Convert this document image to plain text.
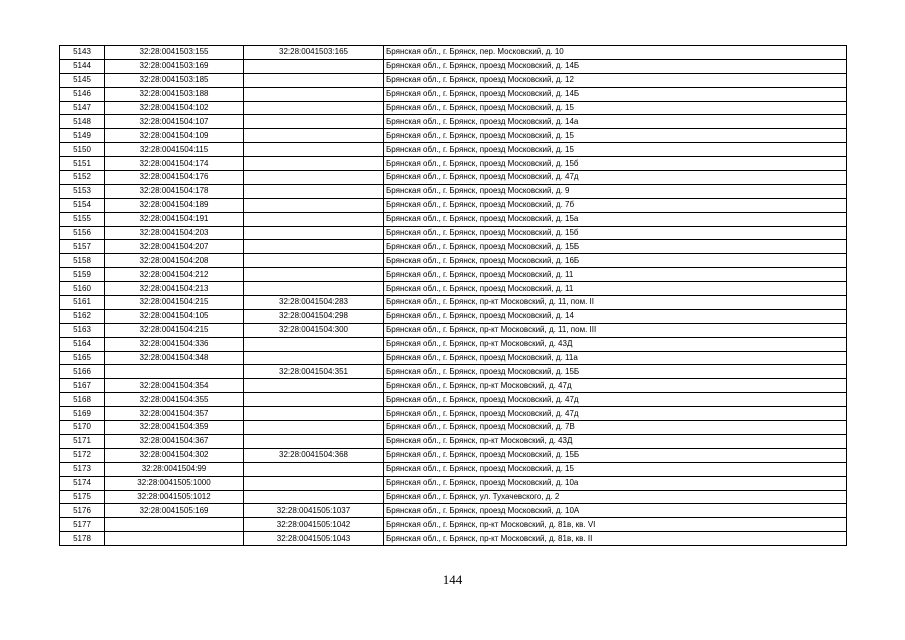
5143	32:28:0041503:155	32:28:0041503:165	Брянская обл., г. Брянск, пер. Московский, д. 10
5144	32:28:0041503:169		Брянская обл., г. Брянск, проезд Московский, д. 14Б
5145	32:28:0041503:185		Брянская обл., г. Брянск, проезд Московский, д. 12
5146	32:28:0041503:188		Брянская обл., г. Брянск, проезд Московский, д. 14Б
5147	32:28:0041504:102		Брянская обл., г. Брянск, проезд Московский, д. 15
5148	32:28:0041504:107		Брянская обл., г. Брянск, проезд Московский, д. 14а
5149	32:28:0041504:109		Брянская обл., г. Брянск, проезд Московский, д. 15
5150	32:28:0041504:115		Брянская обл., г. Брянск, проезд Московский, д. 15
5151	32:28:0041504:174		Брянская обл., г. Брянск, проезд Московский, д. 15б
5152	32:28:0041504:176		Брянская обл., г. Брянск, проезд Московский, д. 47д
5153	32:28:0041504:178		Брянская обл., г. Брянск, проезд Московский, д. 9
5154	32:28:0041504:189		Брянская обл., г. Брянск, проезд Московский, д. 7б
5155	32:28:0041504:191		Брянская обл., г. Брянск, проезд Московский, д. 15а
5156	32:28:0041504:203		Брянская обл., г. Брянск, проезд Московский, д. 15б
5157	32:28:0041504:207		Брянская обл., г. Брянск, проезд Московский, д. 15Б
5158	32:28:0041504:208		Брянская обл., г. Брянск, проезд Московский, д. 16Б
5159	32:28:0041504:212		Брянская обл., г. Брянск, проезд Московский, д. 11
5160	32:28:0041504:213		Брянская обл., г. Брянск, проезд Московский, д. 11
5161	32:28:0041504:215	32:28:0041504:283	Брянская обл., г. Брянск, пр-кт Московский, д. 11, пом. II
5162	32:28:0041504:105	32:28:0041504:298	Брянская обл., г. Брянск, проезд Московский, д. 14
5163	32:28:0041504:215	32:28:0041504:300	Брянская обл., г. Брянск, пр-кт Московский, д. 11, пом. III
5164	32:28:0041504:336		Брянская обл., г. Брянск, пр-кт Московский, д. 43Д
5165	32:28:0041504:348		Брянская обл., г. Брянск, проезд Московский, д. 11а
5166		32:28:0041504:351	Брянская обл., г. Брянск, проезд Московский, д. 15Б
5167	32:28:0041504:354		Брянская обл., г. Брянск, пр-кт Московский, д. 47д
5168	32:28:0041504:355		Брянская обл., г. Брянск, проезд Московский, д. 47д
5169	32:28:0041504:357		Брянская обл., г. Брянск, проезд Московский, д. 47д
5170	32:28:0041504:359		Брянская обл., г. Брянск, проезд Московский, д. 7В
5171	32:28:0041504:367		Брянская обл., г. Брянск, пр-кт Московский, д. 43Д
5172	32:28:0041504:302	32:28:0041504:368	Брянская обл., г. Брянск, проезд Московский, д. 15Б
5173	32:28:0041504:99		Брянская обл., г. Брянск, проезд Московский, д. 15
5174	32:28:0041505:1000		Брянская обл., г. Брянск, проезд Московский, д. 10а
5175	32:28:0041505:1012		Брянская обл., г. Брянск, ул. Тухачевского, д. 2
5176	32:28:0041505:169	32:28:0041505:1037	Брянская обл., г. Брянск, проезд Московский, д. 10А
5177		32:28:0041505:1042	Брянская обл., г. Брянск, пр-кт Московский, д. 81в, кв. VI
5178		32:28:0041505:1043	Брянская обл., г. Брянск, пр-кт Московский, д. 81в, кв. II
144
